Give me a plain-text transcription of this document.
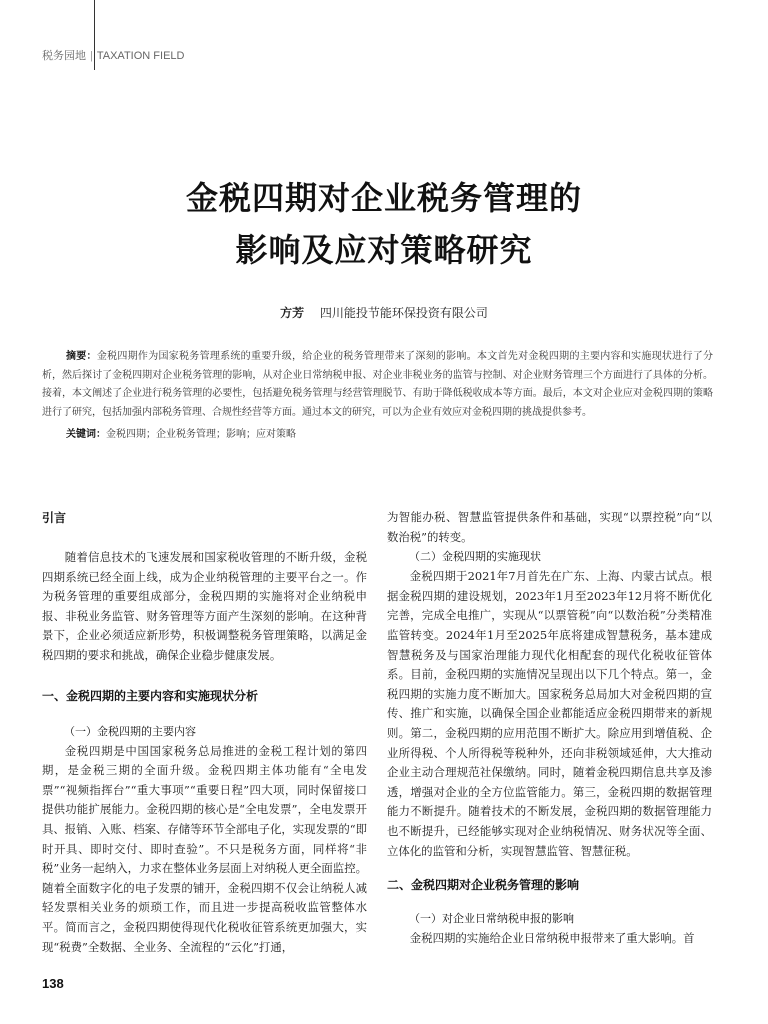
税务园地 | TAXATION FIELD
金税四期对企业税务管理的
影响及应对策略研究
方芳 四川能投节能环保投资有限公司
摘要：金税四期作为国家税务管理系统的重要升级，给企业的税务管理带来了深刻的影响。本文首先对金税四期的主要内容和实施现状进行了分析，然后探讨了金税四期对企业税务管理的影响，从对企业日常纳税申报、对企业非税业务的监管与控制、对企业财务管理三个方面进行了具体的分析。接着，本文阐述了企业进行税务管理的必要性，包括避免税务管理与经营管理脱节、有助于降低税收成本等方面。最后，本文对企业应对金税四期的策略进行了研究，包括加强内部税务管理、合规性经营等方面。通过本文的研究，可以为企业有效应对金税四期的挑战提供参考。
关键词：金税四期；企业税务管理；影响；应对策略
引言

随着信息技术的飞速发展和国家税收管理的不断升级，金税四期系统已经全面上线，成为企业纳税管理的主要平台之一。作为税务管理的重要组成部分，金税四期的实施将对企业纳税申报、非税业务监管、财务管理等方面产生深刻的影响。在这种背景下，企业必须适应新形势，积极调整税务管理策略，以满足金税四期的要求和挑战，确保企业稳步健康发展。

一、金税四期的主要内容和实施现状分析
（一）金税四期的主要内容

金税四期是中国国家税务总局推进的金税工程计划的第四期，是金税三期的全面升级。金税四期主体功能有“全电发票”“视频指挥台”“重大事项”“重要日程”四大项，同时保留接口提供功能扩展能力。金税四期的核心是“全电发票”，全电发票开具、报销、入账、档案、存储等环节全部电子化，实现发票的“即时开具、即时交付、即时查验”。不只是税务方面，同样将“非税”业务一起纳入，力求在整体业务层面上对纳税人更全面监控。随着全面数字化的电子发票的铺开，金税四期不仅会让纳税人减轻发票相关业务的烦琐工作，而且进一步提高税收监管整体水平。简而言之，金税四期使得现代化税收征管系统更加强大，实现“税费”全数据、全业务、全流程的“云化”打通，

为智能办税、智慧监管提供条件和基础，实现“以票控税”向“以数治税”的转变。

（二）金税四期的实施现状

金税四期于2021年7月首先在广东、上海、内蒙古试点。根据金税四期的建设规划，2023年1月至2023年12月将不断优化完善，完成全电推广，实现从“以票管税”向“以数治税”分类精准监管转变。2024年1月至2025年底将建成智慧税务，基本建成智慧税务及与国家治理能力现代化相配套的现代化税收征管体系。目前，金税四期的实施情况呈现出以下几个特点。第一，金税四期的实施力度不断加大。国家税务总局加大对金税四期的宣传、推广和实施，以确保全国企业都能适应金税四期带来的新规则。第二，金税四期的应用范围不断扩大。除应用到增值税、企业所得税、个人所得税等税种外，还向非税领域延伸，大大推动企业主动合理规范社保缴纳。同时，随着金税四期信息共享及渗透，增强对企业的全方位监管能力。第三，金税四期的数据管理能力不断提升。随着技术的不断发展，金税四期的数据管理能力也不断提升，已经能够实现对企业纳税情况、财务状况等全面、立体化的监管和分析，实现智慧监管、智慧征税。

二、金税四期对企业税务管理的影响
（一）对企业日常纳税申报的影响

金税四期的实施给企业日常纳税申报带来了重大影响。首

138
